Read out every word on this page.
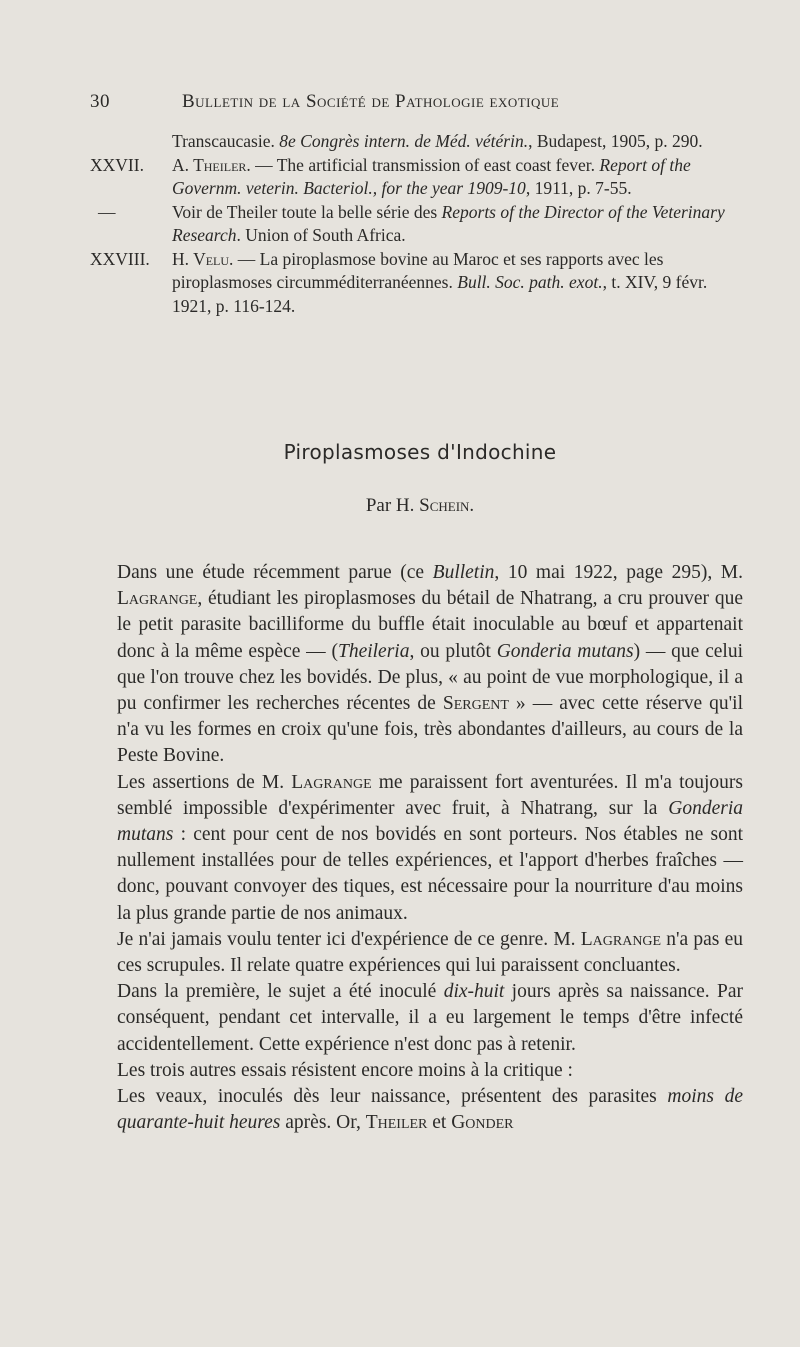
30	Bulletin de la Société de Pathologie exotique

Transcaucasie. 8e Congrès intern. de Méd. vétérin., Budapest, 1905, p. 290.

XXVII. A. Theiler. — The artificial transmission of east coast fever. Report of the Governm. veterin. Bacteriol., for the year 1909-10, 1911, p. 7-55.

—	Voir de Theiler toute la belle série des Reports of the Director of the Veterinary Research. Union of South Africa.

XXVIII. H. Velu. — La piroplasmose bovine au Maroc et ses rapports avec les piroplasmoses circumméditerranéennes. Bull. Soc. path. exot., t. XIV, 9 févr. 1921, p. 116-124.

Piroplasmoses d'Indochine
Par H. Schein.

Dans une étude récemment parue (ce Bulletin, 10 mai 1922, page 295), M. Lagrange, étudiant les piroplasmoses du bétail de Nhatrang, a cru prouver que le petit parasite bacilliforme du buffle était inoculable au bœuf et appartenait donc à la même espèce — (Theileria, ou plutôt Gonderia mutans) — que celui que l'on trouve chez les bovidés. De plus, « au point de vue morphologique, il a pu confirmer les recherches récentes de Sergent » — avec cette réserve qu'il n'a vu les formes en croix qu'une fois, très abondantes d'ailleurs, au cours de la Peste Bovine.

Les assertions de M. Lagrange me paraissent fort aventurées. Il m'a toujours semblé impossible d'expérimenter avec fruit, à Nhatrang, sur la Gonderia mutans : cent pour cent de nos bovidés en sont porteurs. Nos étables ne sont nullement installées pour de telles expériences, et l'apport d'herbes fraîches — donc, pouvant convoyer des tiques, est nécessaire pour la nourriture d'au moins la plus grande partie de nos animaux.

Je n'ai jamais voulu tenter ici d'expérience de ce genre. M. Lagrange n'a pas eu ces scrupules. Il relate quatre expériences qui lui paraissent concluantes.

Dans la première, le sujet a été inoculé dix-huit jours après sa naissance. Par conséquent, pendant cet intervalle, il a eu largement le temps d'être infecté accidentellement. Cette expérience n'est donc pas à retenir.

Les trois autres essais résistent encore moins à la critique :

Les veaux, inoculés dès leur naissance, présentent des parasites moins de quarante-huit heures après. Or, Theiler et Gonder
